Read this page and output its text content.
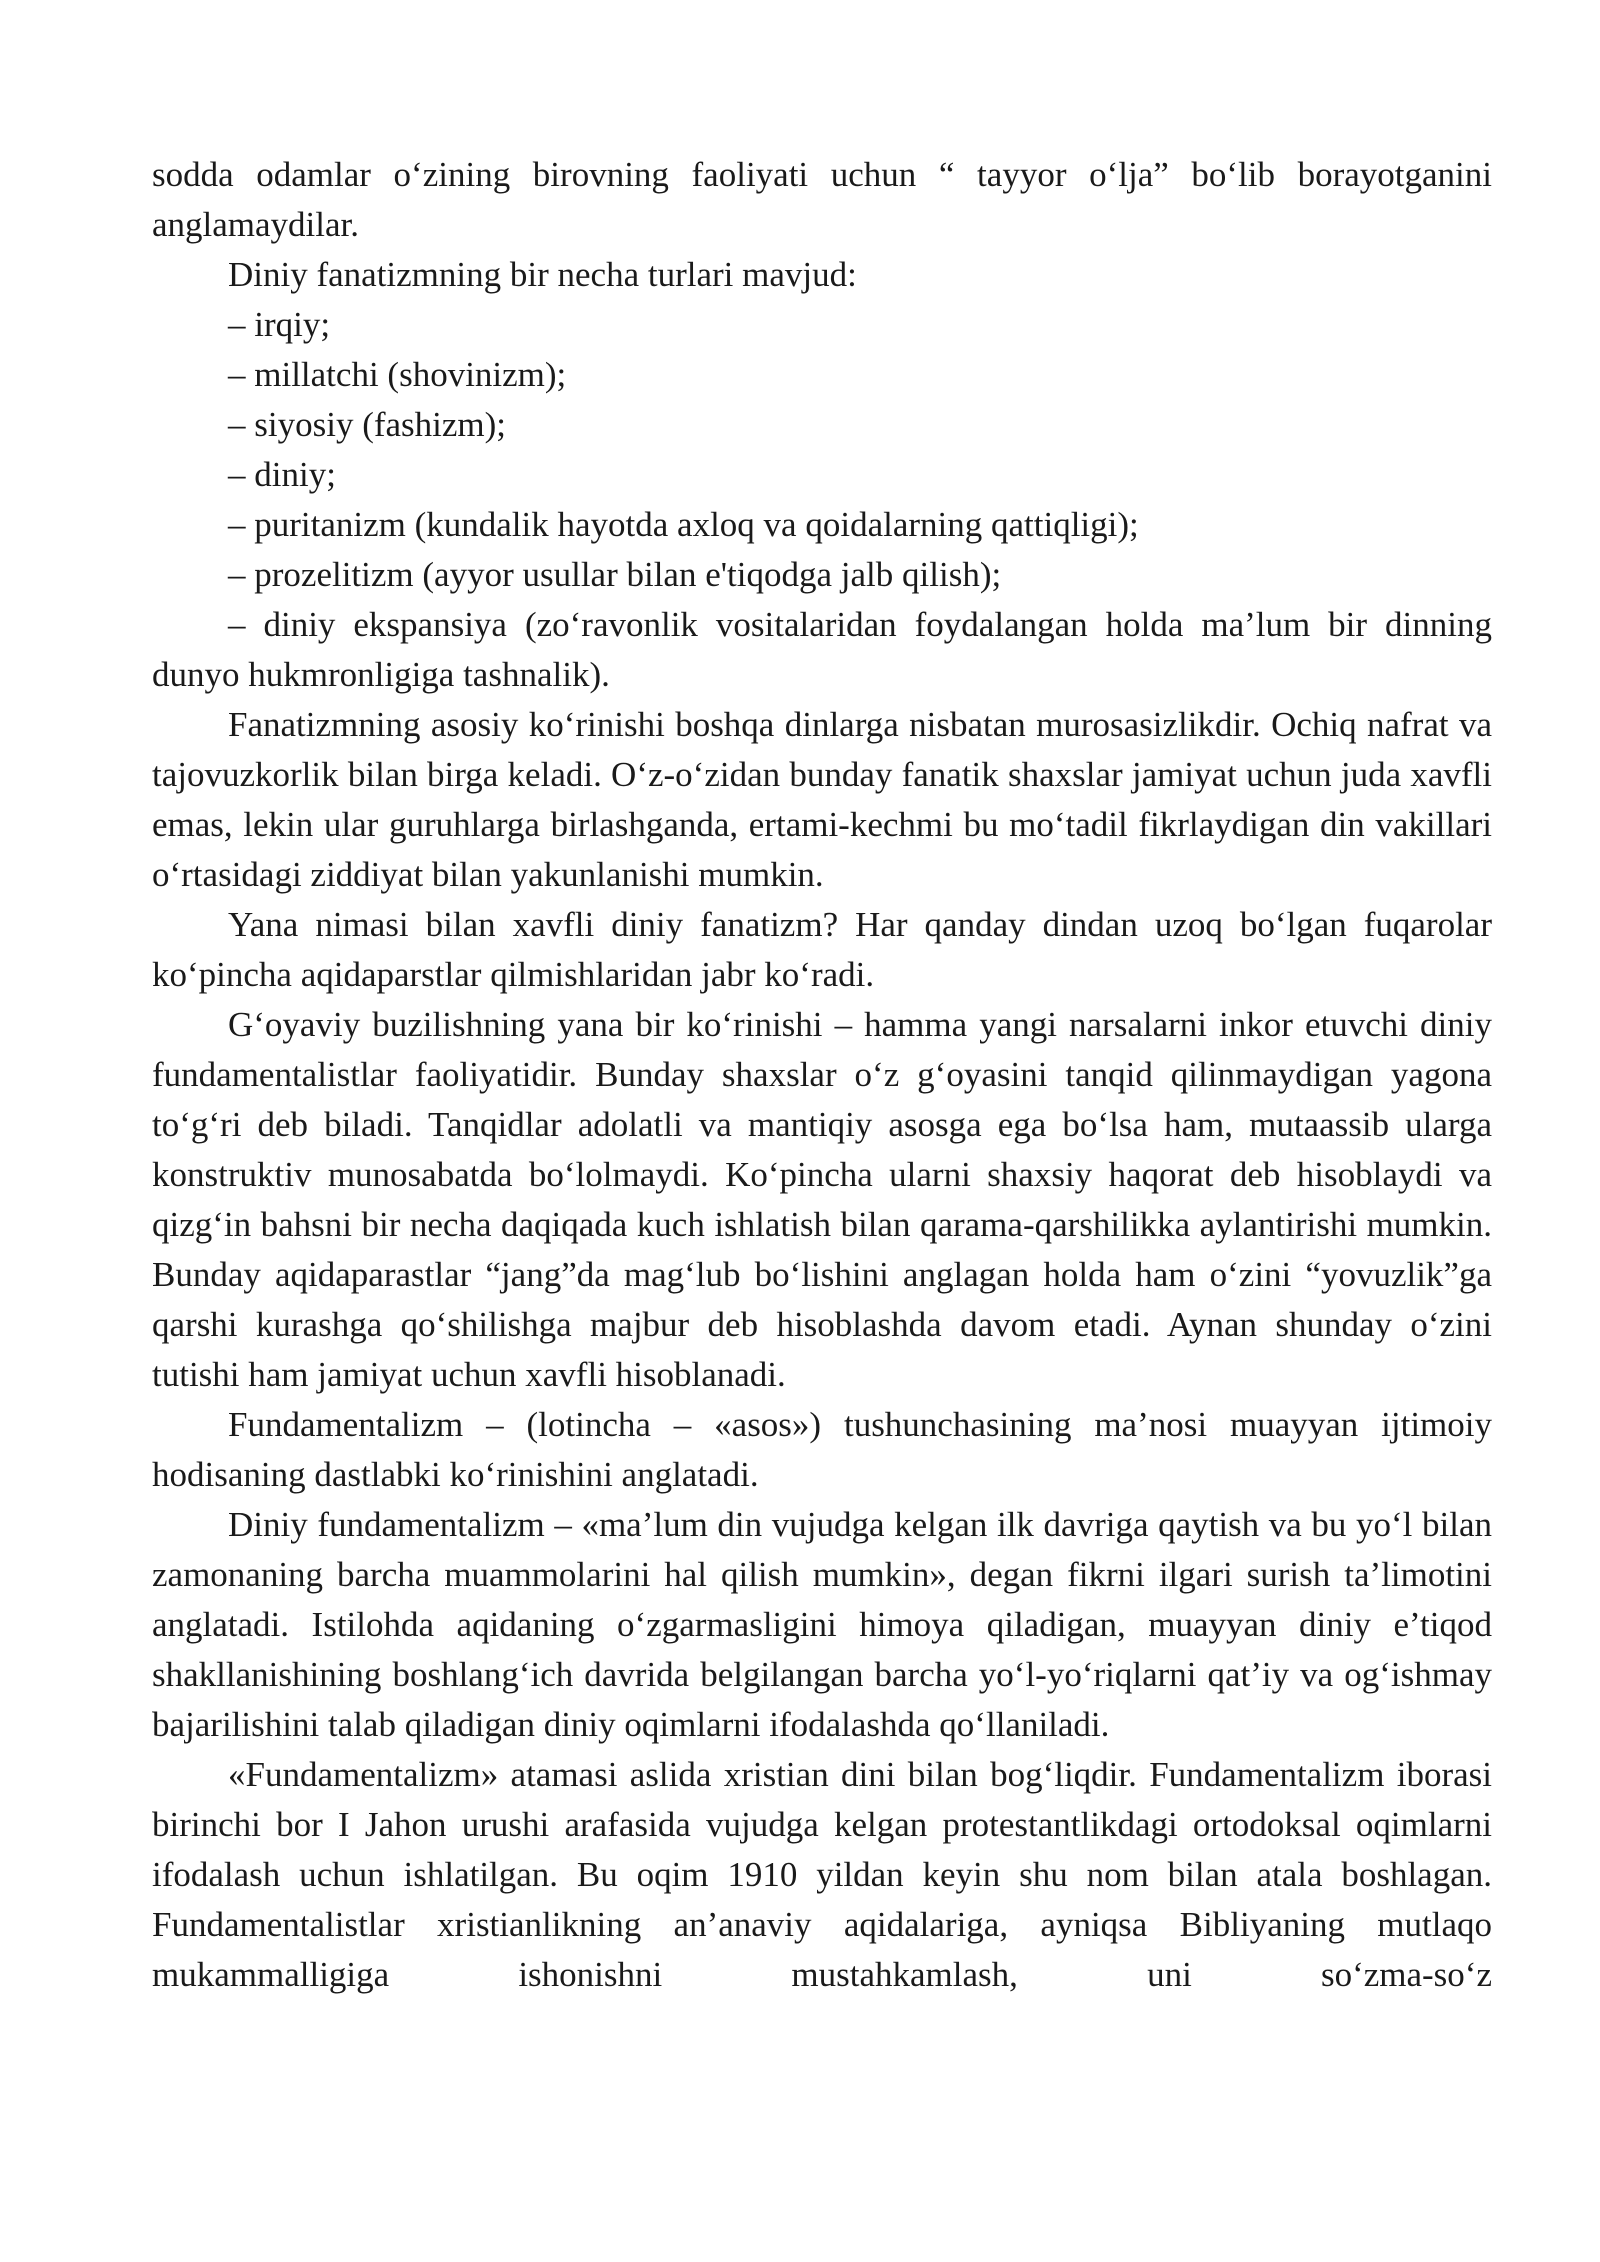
sodda odamlar o‘zining birovning faoliyati uchun “ tayyor o‘lja” bo‘lib borayotganini anglamaydilar.

Diniy fanatizmning bir necha turlari mavjud:

– irqiy;

– millatchi (shovinizm);

– siyosiy (fashizm);

– diniy;

– puritanizm (kundalik hayotda axloq va qoidalarning qattiqligi);

– prozelitizm (ayyor usullar bilan e'tiqodga jalb qilish);

– diniy ekspansiya (zo‘ravonlik vositalaridan foydalangan holda ma’lum bir dinning dunyo hukmronligiga tashnalik).

Fanatizmning asosiy ko‘rinishi boshqa dinlarga nisbatan murosasizlikdir. Ochiq nafrat va tajovuzkorlik bilan birga keladi. O‘z-o‘zidan bunday fanatik shaxslar jamiyat uchun juda xavfli emas, lekin ular guruhlarga birlashganda, ertami-kechmi bu mo‘tadil fikrlaydigan din vakillari o‘rtasidagi ziddiyat bilan yakunlanishi mumkin.

Yana nimasi bilan xavfli diniy fanatizm? Har qanday dindan uzoq bo‘lgan fuqarolar ko‘pincha aqidaparstlar qilmishlaridan jabr ko‘radi.

G‘oyaviy buzilishning yana bir ko‘rinishi – hamma yangi narsalarni inkor etuvchi diniy fundamentalistlar faoliyatidir. Bunday shaxslar o‘z g‘oyasini tanqid qilinmaydigan yagona to‘g‘ri deb biladi. Tanqidlar adolatli va mantiqiy asosga ega bo‘lsa ham, mutaassib ularga konstruktiv munosabatda bo‘lolmaydi. Ko‘pincha ularni shaxsiy haqorat deb hisoblaydi va qizg‘in bahsni bir necha daqiqada kuch ishlatish bilan qarama-qarshilikka aylantirishi mumkin. Bunday aqidaparastlar “jang”da mag‘lub bo‘lishini anglagan holda ham o‘zini “yovuzlik”ga qarshi kurashga qo‘shilishga majbur deb hisoblashda davom etadi. Aynan shunday o‘zini tutishi ham jamiyat uchun xavfli hisoblanadi.

Fundamentalizm – (lotincha – «asos») tushunchasining ma’nosi muayyan ijtimoiy hodisaning dastlabki ko‘rinishini anglatadi.

Diniy fundamentalizm – «ma’lum din vujudga kelgan ilk davriga qaytish va bu yo‘l bilan zamonaning barcha muammolarini hal qilish mumkin», degan fikrni ilgari surish ta’limotini anglatadi. Istilohda aqidaning o‘zgarmasligini himoya qiladigan, muayyan diniy e’tiqod shakllanishining boshlang‘ich davrida belgilangan barcha yo‘l-yo‘riqlarni qat’iy va og‘ishmay bajarilishini talab qiladigan diniy oqimlarni ifodalashda qo‘llaniladi.

«Fundamentalizm» atamasi aslida xristian dini bilan bog‘liqdir. Fundamentalizm iborasi birinchi bor I Jahon urushi arafasida vujudga kelgan protestantlikdagi ortodoksal oqimlarni ifodalash uchun ishlatilgan. Bu oqim 1910 yildan keyin shu nom bilan atala boshlagan. Fundamentalistlar xristianlikning an’anaviy aqidalariga, ayniqsa Bibliyaning mutlaqo mukammalligiga ishonishni mustahkamlash, uni so‘zma-so‘z
